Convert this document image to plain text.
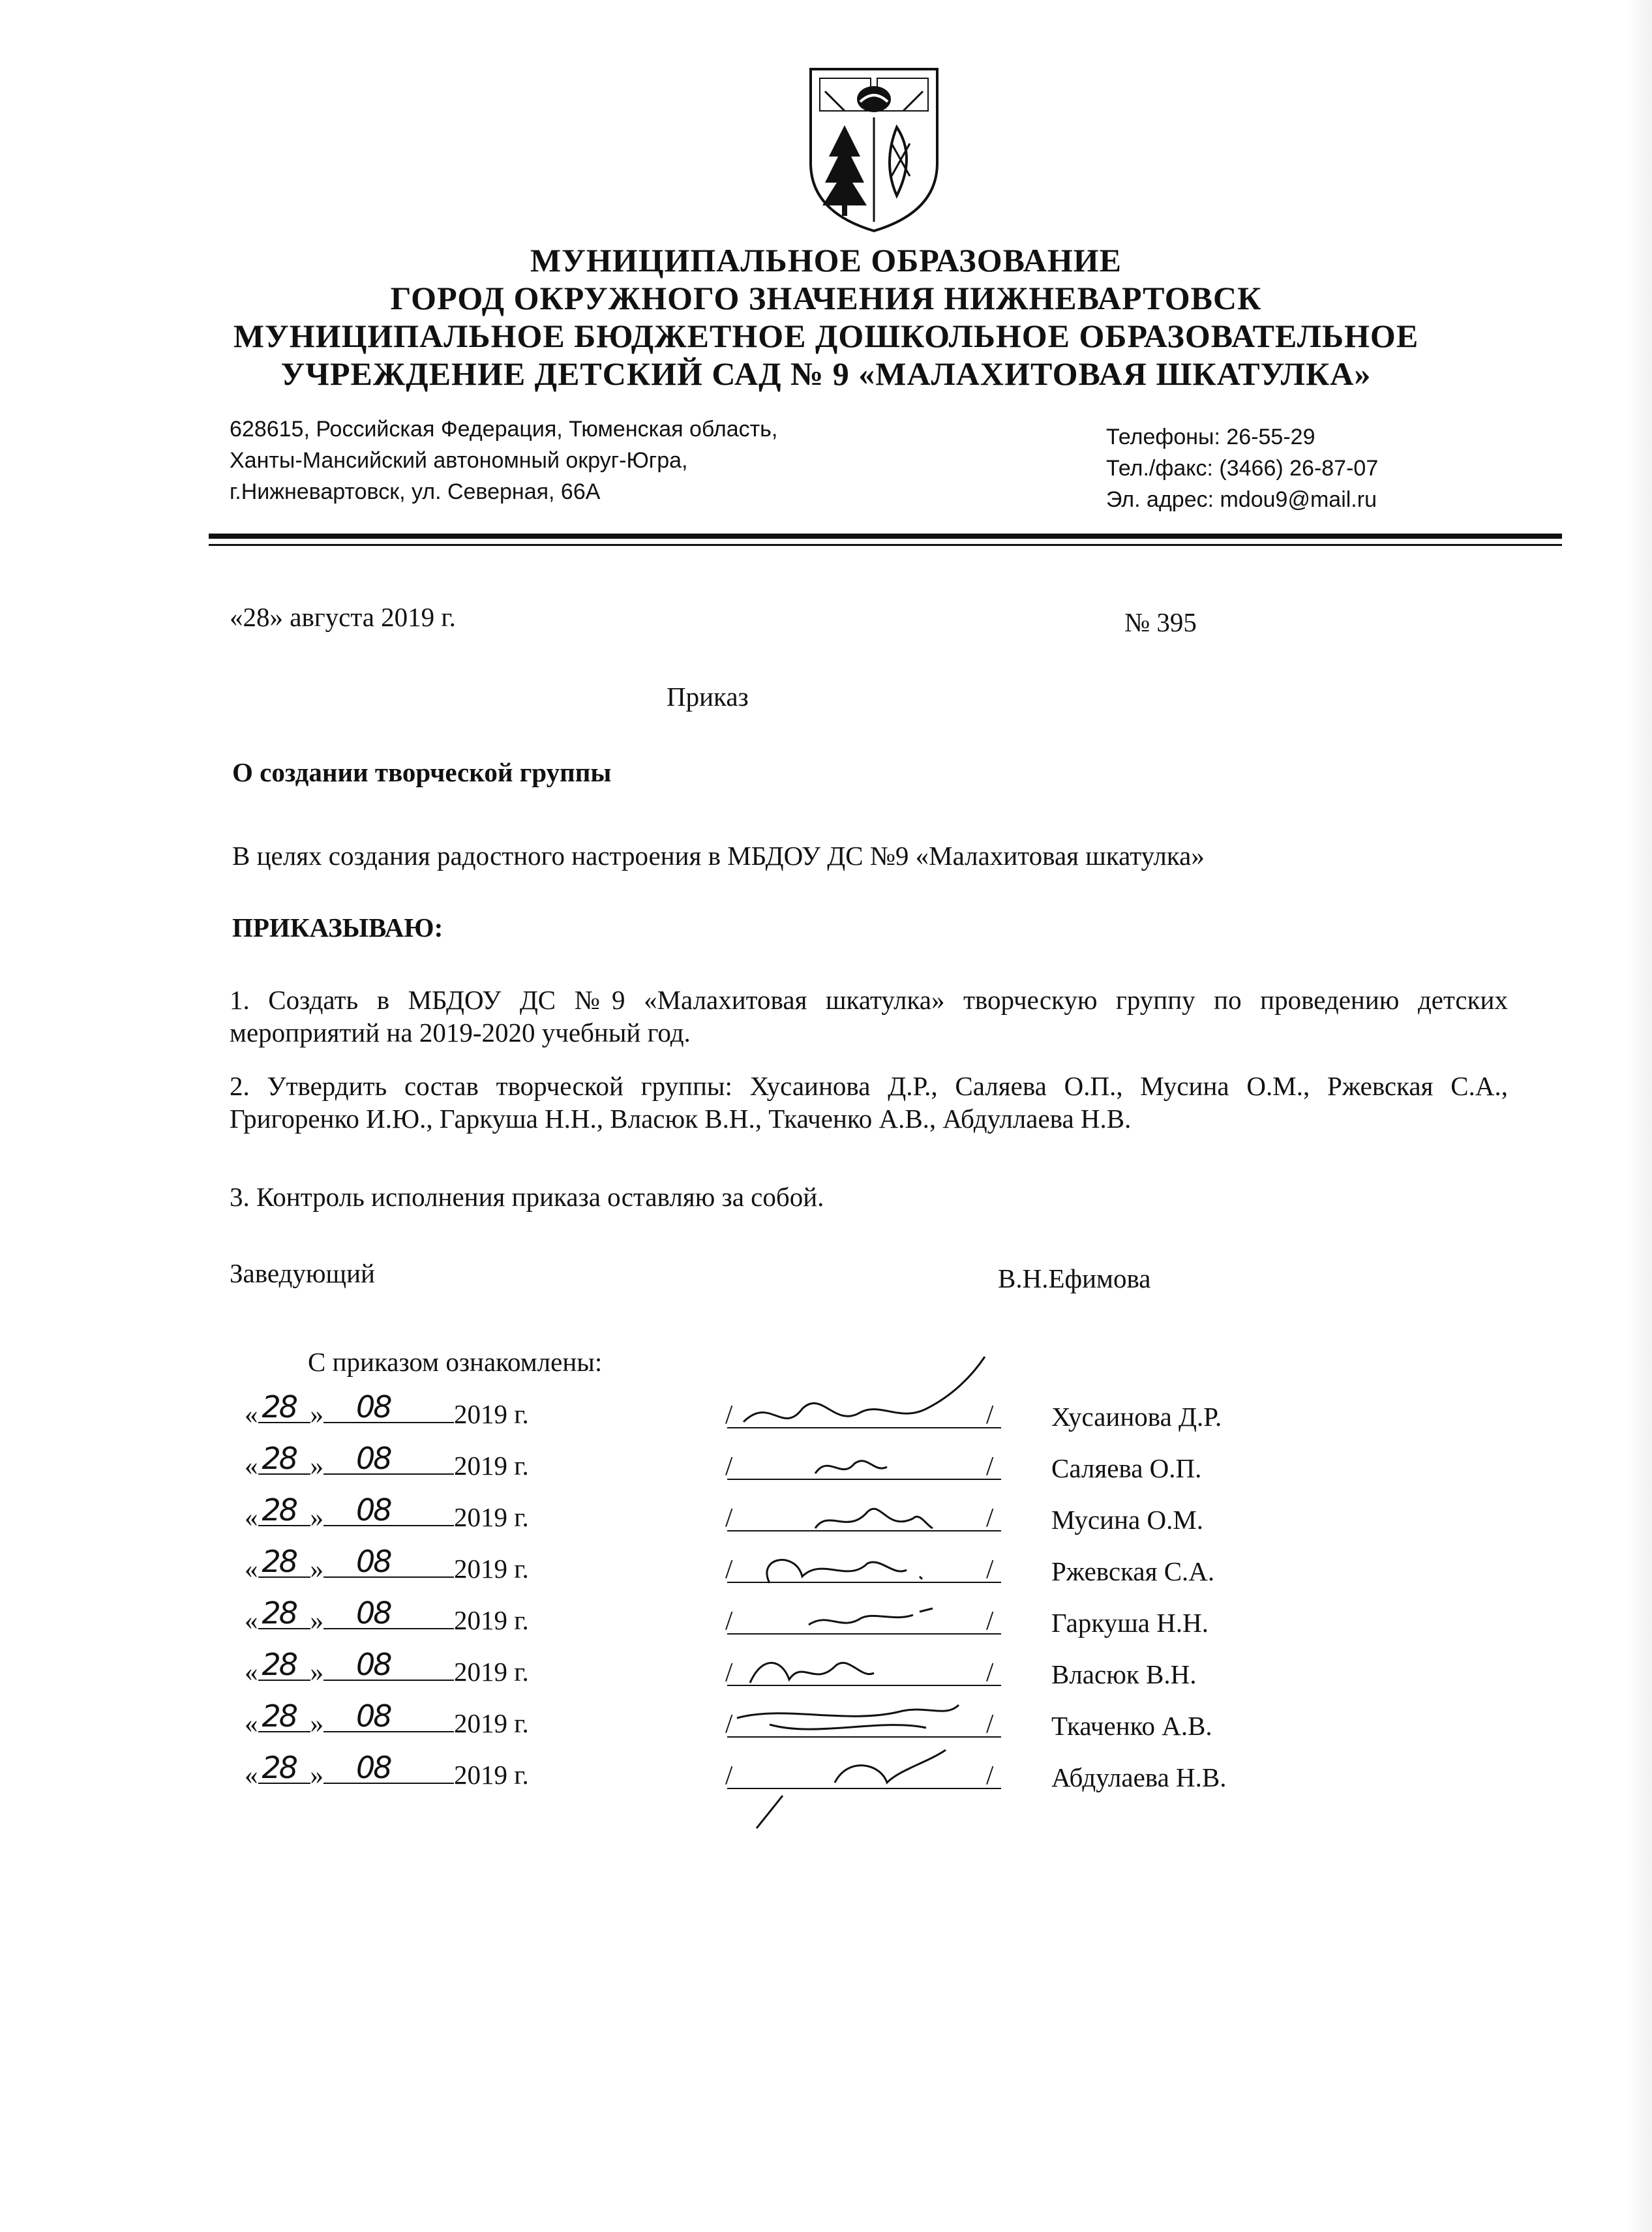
МУНИЦИПАЛЬНОЕ ОБРАЗОВАНИЕ
ГОРОД ОКРУЖНОГО ЗНАЧЕНИЯ НИЖНЕВАРТОВСК
МУНИЦИПАЛЬНОЕ БЮДЖЕТНОЕ ДОШКОЛЬНОЕ ОБРАЗОВАТЕЛЬНОЕ
УЧРЕЖДЕНИЕ ДЕТСКИЙ САД № 9 «МАЛАХИТОВАЯ ШКАТУЛКА»
628615, Российская Федерация, Тюменская область,
Ханты-Мансийский автономный округ-Югра,
г.Нижневартовск, ул. Северная, 66А
Телефоны: 26-55-29
Тел./факс: (3466) 26-87-07
Эл. адрес: mdou9@mail.ru
«28» августа 2019 г.	№ 395
Приказ
О создании творческой группы
В целях создания радостного настроения в МБДОУ ДС №9 «Малахитовая шкатулка»
ПРИКАЗЫВАЮ:
1. Создать в МБДОУ ДС №9 «Малахитовая шкатулка» творческую группу по проведению детских мероприятий на 2019-2020 учебный год.
2. Утвердить состав творческой группы: Хусаинова Д.Р., Саляева О.П., Мусина О.М., Ржевская С.А., Григоренко И.Ю., Гаркуша Н.Н., Власюк В.Н., Ткаченко А.В., Абдуллаева Н.В.
3. Контроль исполнения приказа оставляю за собой.
Заведующий	В.Н.Ефимова
С приказом ознакомлены:
« 28 » 08 2019 г.	/	/ Хусаинова Д.Р.
« 28 » 08 2019 г.	/	/ Саляева О.П.
« 28 » 08 2019 г.	/	/ Мусина О.М.
« 28 » 08 2019 г.	/	/ Ржевская С.А.
« 28 » 08 2019 г.	/	/ Гаркуша Н.Н.
« 28 » 08 2019 г.	/	/ Власюк В.Н.
« 28 » 08 2019 г.	/	/ Ткаченко А.В.
« 28 » 08 2019 г.	/	/ Абдулаева Н.В.
